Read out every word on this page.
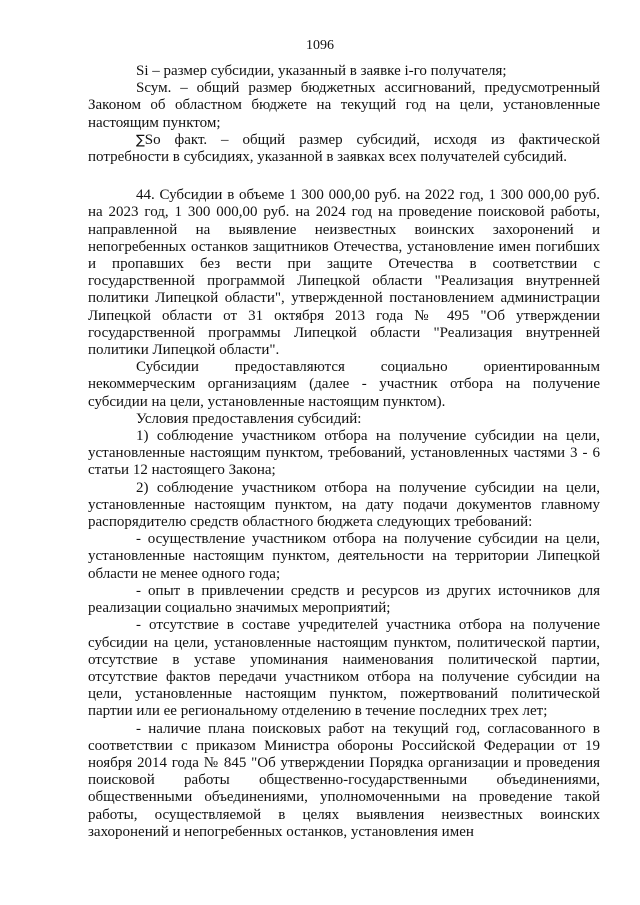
1096

Si – размер субсидии, указанный в заявке i-го получателя;

Sсум. – общий размер бюджетных ассигнований, предусмотренный Законом об областном бюджете на текущий год на цели, установленные настоящим пунктом;

∑So факт. – общий размер субсидий, исходя из фактической потребности в субсидиях, указанной в заявках всех получателей субсидий.

44. Субсидии в объеме 1 300 000,00 руб. на 2022 год, 1 300 000,00 руб. на 2023 год, 1 300 000,00 руб. на 2024 год на проведение поисковой работы, направленной на выявление неизвестных воинских захоронений и непогребенных останков защитников Отечества, установление имен погибших и пропавших без вести при защите Отечества в соответствии с государственной программой Липецкой области "Реализация внутренней политики Липецкой области", утвержденной постановлением администрации Липецкой области от 31 октября 2013 года № 495 "Об утверждении государственной программы Липецкой области "Реализация внутренней политики Липецкой области".

Субсидии предоставляются социально ориентированным некоммерческим организациям (далее - участник отбора на получение субсидии на цели, установленные настоящим пунктом).

Условия предоставления субсидий:

1) соблюдение участником отбора на получение субсидии на цели, установленные настоящим пунктом, требований, установленных частями 3 - 6 статьи 12 настоящего Закона;

2) соблюдение участником отбора на получение субсидии на цели, установленные настоящим пунктом, на дату подачи документов главному распорядителю средств областного бюджета следующих требований:

- осуществление участником отбора на получение субсидии на цели, установленные настоящим пунктом, деятельности на территории Липецкой области не менее одного года;

- опыт в привлечении средств и ресурсов из других источников для реализации социально значимых мероприятий;

- отсутствие в составе учредителей участника отбора на получение субсидии на цели, установленные настоящим пунктом, политической партии, отсутствие в уставе упоминания наименования политической партии, отсутствие фактов передачи участником отбора на получение субсидии на цели, установленные настоящим пунктом, пожертвований политической партии или ее региональному отделению в течение последних трех лет;

- наличие плана поисковых работ на текущий год, согласованного в соответствии с приказом Министра обороны Российской Федерации от 19 ноября 2014 года № 845 "Об утверждении Порядка организации и проведения поисковой работы общественно-государственными объединениями, общественными объединениями, уполномоченными на проведение такой работы, осуществляемой в целях выявления неизвестных воинских захоронений и непогребенных останков, установления имен
